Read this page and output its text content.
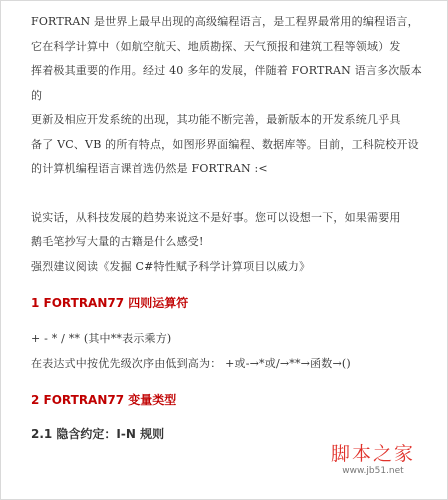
FORTRAN 是世界上最早出现的高级编程语言，是工程界最常用的编程语言，

它在科学计算中（如航空航天、地质勘探、天气预报和建筑工程等领域）发

挥着极其重要的作用。经过 40 多年的发展，伴随着 FORTRAN 语言多次版本的

更新及相应开发系统的出现，其功能不断完善，最新版本的开发系统几乎具

备了 VC、VB 的所有特点，如图形界面编程、数据库等。目前，工科院校开设

的计算机编程语言课首选仍然是 FORTRAN :<

说实话，从科技发展的趋势来说这不是好事。您可以设想一下，如果需要用

鹅毛笔抄写大量的古籍是什么感受!

强烈建议阅读《发掘 C#特性赋予科学计算项目以威力》

1 FORTRAN77 四则运算符

+ - * / ** (其中**表示乘方)

在表达式中按优先级次序由低到高为： +或-→*或/→**→函数→()

2 FORTRAN77 变量类型
2.1 隐含约定：I-N 规则
脚本之家
www.jb51.net
